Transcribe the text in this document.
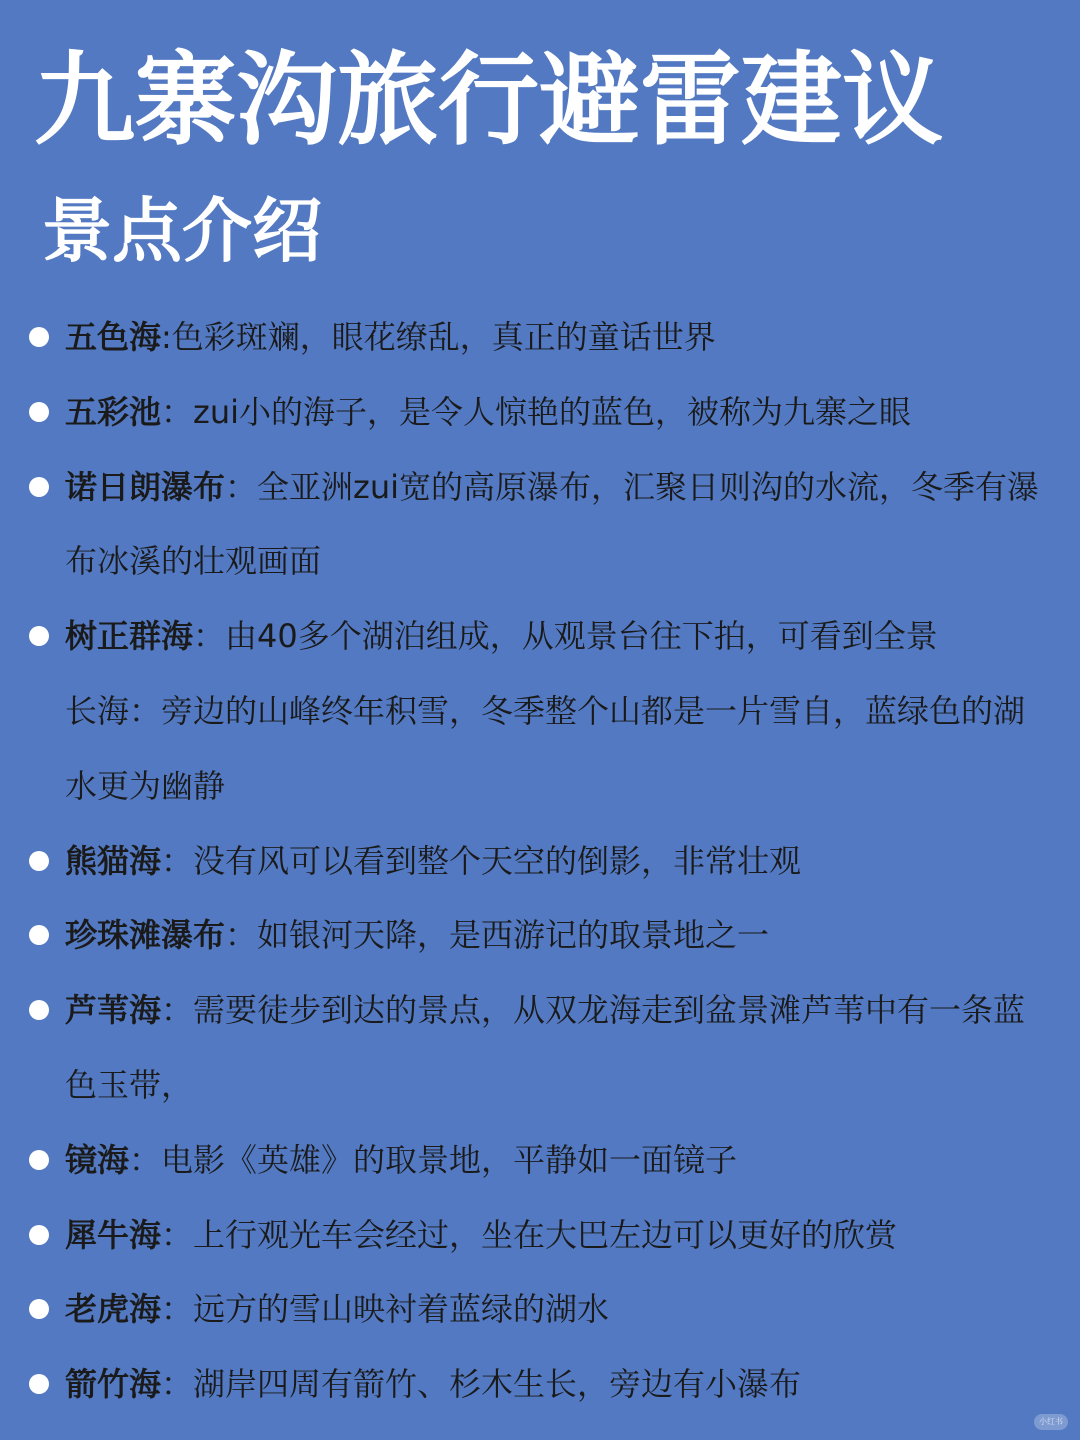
九寨沟旅行避雷建议
景点介绍
五色海:色彩斑斓，眼花缭乱，真正的童话世界
五彩池：zui小的海子，是令人惊艳的蓝色，被称为九寨之眼
诺日朗瀑布：全亚洲zui宽的高原瀑布，汇聚日则沟的水流，冬季有瀑布冰溪的壮观画面
树正群海：由40多个湖泊组成，从观景台往下拍，可看到全景
长海：旁边的山峰终年积雪，冬季整个山都是一片雪自，蓝绿色的湖水更为幽静
熊猫海：没有风可以看到整个天空的倒影，非常壮观
珍珠滩瀑布：如银河天降，是西游记的取景地之一
芦苇海：需要徒步到达的景点，从双龙海走到盆景滩芦苇中有一条蓝色玉带，
镜海：电影《英雄》的取景地，平静如一面镜子
犀牛海：上行观光车会经过，坐在大巴左边可以更好的欣赏
老虎海：远方的雪山映衬着蓝绿的湖水
箭竹海：湖岸四周有箭竹、杉木生长，旁边有小瀑布
小红书
